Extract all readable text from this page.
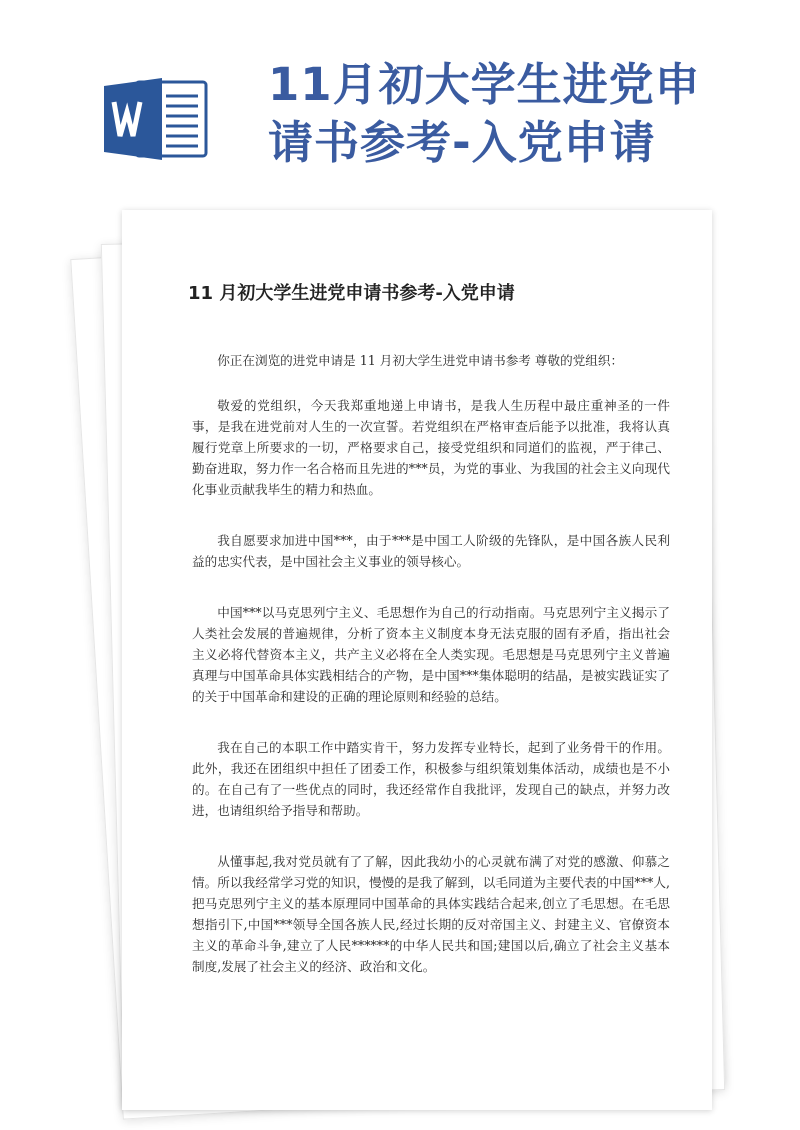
11月初大学生进党申请书参考-入党申请
11 月初大学生进党申请书参考-入党申请

你正在浏览的进党申请是 11 月初大学生进党申请书参考 尊敬的党组织：

敬爱的党组织，今天我郑重地递上申请书，是我人生历程中最庄重神圣的一件事，是我在进党前对人生的一次宣誓。若党组织在严格审查后能予以批准，我将认真履行党章上所要求的一切，严格要求自己，接受党组织和同道们的监视，严于律己、勤奋进取，努力作一名合格而且先进的***员，为党的事业、为我国的社会主义向现代化事业贡献我毕生的精力和热血。

我自愿要求加进中国***，由于***是中国工人阶级的先锋队，是中国各族人民利益的忠实代表，是中国社会主义事业的领导核心。

中国***以马克思列宁主义、毛思想作为自己的行动指南。马克思列宁主义揭示了人类社会发展的普遍规律，分析了资本主义制度本身无法克服的固有矛盾，指出社会主义必将代替资本主义，共产主义必将在全人类实现。毛思想是马克思列宁主义普遍真理与中国革命具体实践相结合的产物，是中国***集体聪明的结晶，是被实践证实了的关于中国革命和建设的正确的理论原则和经验的总结。

我在自己的本职工作中踏实肯干，努力发挥专业特长，起到了业务骨干的作用。此外，我还在团组织中担任了团委工作，积极参与组织策划集体活动，成绩也是不小的。在自己有了一些优点的同时，我还经常作自我批评，发现自己的缺点，并努力改进，也请组织给予指导和帮助。

从懂事起,我对党员就有了了解，因此我幼小的心灵就布满了对党的感激、仰慕之情。所以我经常学习党的知识，慢慢的是我了解到，以毛同道为主要代表的中国***人,把马克思列宁主义的基本原理同中国革命的具体实践结合起来,创立了毛思想。在毛思想指引下,中国***领导全国各族人民,经过长期的反对帝国主义、封建主义、官僚资本主义的革命斗争,建立了人民******的中华人民共和国;建国以后,确立了社会主义基本制度,发展了社会主义的经济、政治和文化。
